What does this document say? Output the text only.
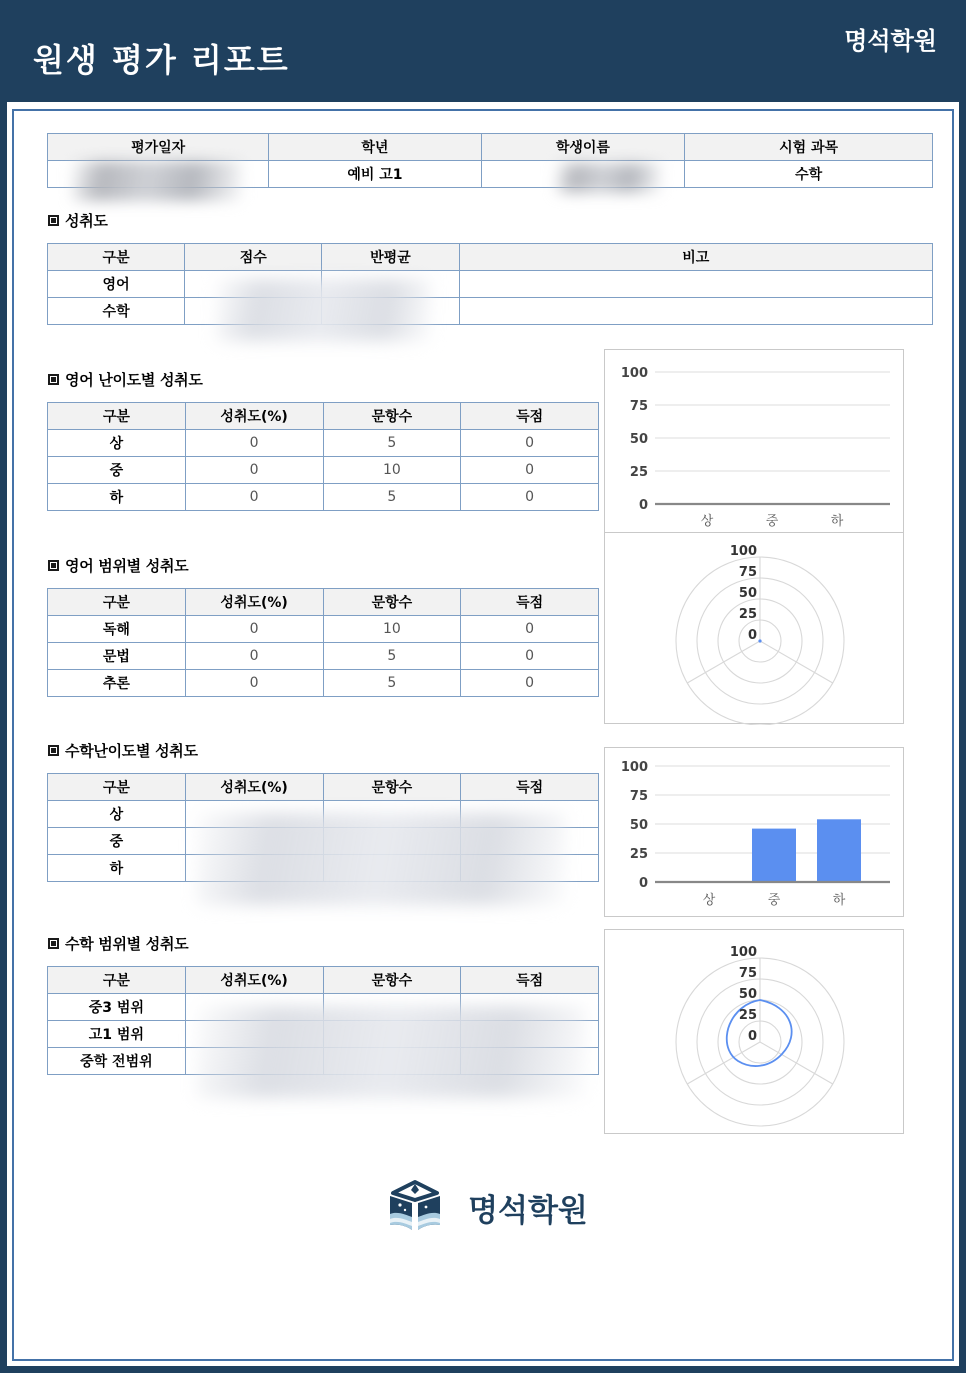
원생 평가 리포트	명석학원
평가일자	학년	학생이름	시험 과목
	예비 고1		수학
성취도
구분	점수	반평균	비고
영어			
수학			
영어 난이도별 성취도
구분	성취도(%)	문항수	득점
상	0	5	0
중	0	10	0
하	0	5	0
100
75
50
25
0
상	중	하
영어 범위별 성취도
구분	성취도(%)	문항수	득점
독해	0	10	0
문법	0	5	0
추론	0	5	0
100
75
50
25
0
수학난이도별 성취도
구분	성취도(%)	문항수	득점
상			
중			
하			
100
75
50
25
0
상	중	하
수학 범위별 성취도
구분	성취도(%)	문항수	득점
중3 범위			
고1 범위			
중학 전범위			
100
75
50
25
0
명석학원
